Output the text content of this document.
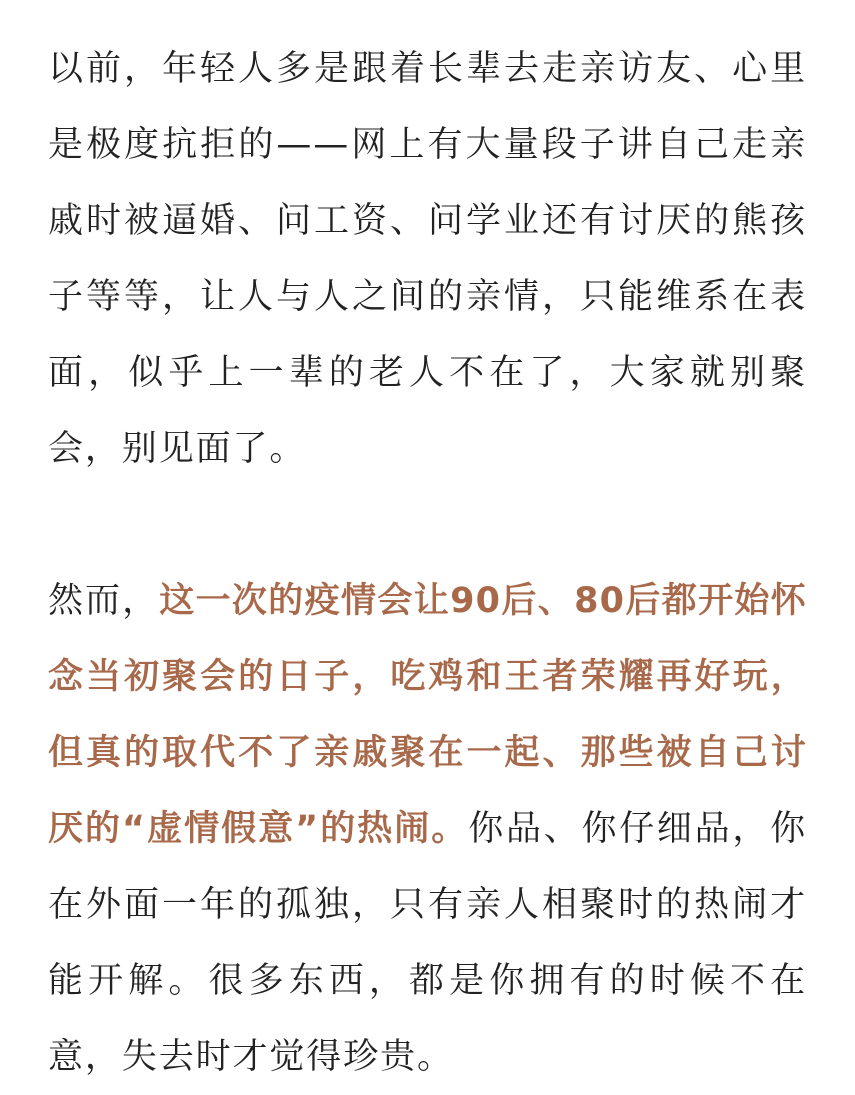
以前，年轻人多是跟着长辈去走亲访友、心里是极度抗拒的——网上有大量段子讲自己走亲戚时被逼婚、问工资、问学业还有讨厌的熊孩子等等，让人与人之间的亲情，只能维系在表面，似乎上一辈的老人不在了，大家就别聚会，别见面了。

然而，这一次的疫情会让90后、80后都开始怀念当初聚会的日子，吃鸡和王者荣耀再好玩，但真的取代不了亲戚聚在一起、那些被自己讨厌的“虚情假意”的热闹。你品、你仔细品，你在外面一年的孤独，只有亲人相聚时的热闹才能开解。很多东西，都是你拥有的时候不在意，失去时才觉得珍贵。
